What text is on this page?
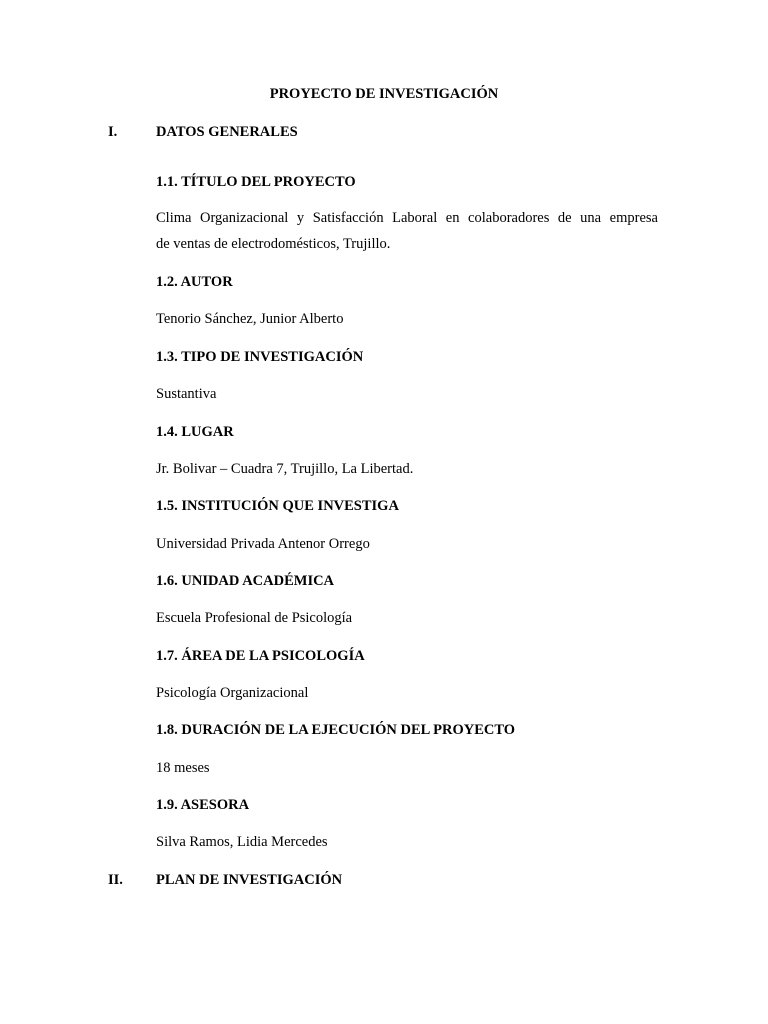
PROYECTO DE INVESTIGACIÓN
I.	DATOS GENERALES
1.1. TÍTULO DEL PROYECTO
Clima Organizacional y Satisfacción Laboral en colaboradores de una empresa
de ventas de electrodomésticos, Trujillo.
1.2. AUTOR
Tenorio Sánchez, Junior Alberto
1.3. TIPO DE INVESTIGACIÓN
Sustantiva
1.4. LUGAR
Jr. Bolivar – Cuadra 7, Trujillo, La Libertad.
1.5. INSTITUCIÓN QUE INVESTIGA
Universidad Privada Antenor Orrego
1.6. UNIDAD ACADÉMICA
Escuela Profesional de Psicología
1.7. ÁREA DE LA PSICOLOGÍA
Psicología Organizacional
1.8. DURACIÓN DE LA EJECUCIÓN DEL PROYECTO
18 meses
1.9. ASESORA
Silva Ramos, Lidia Mercedes
II. PLAN DE INVESTIGACIÓN
